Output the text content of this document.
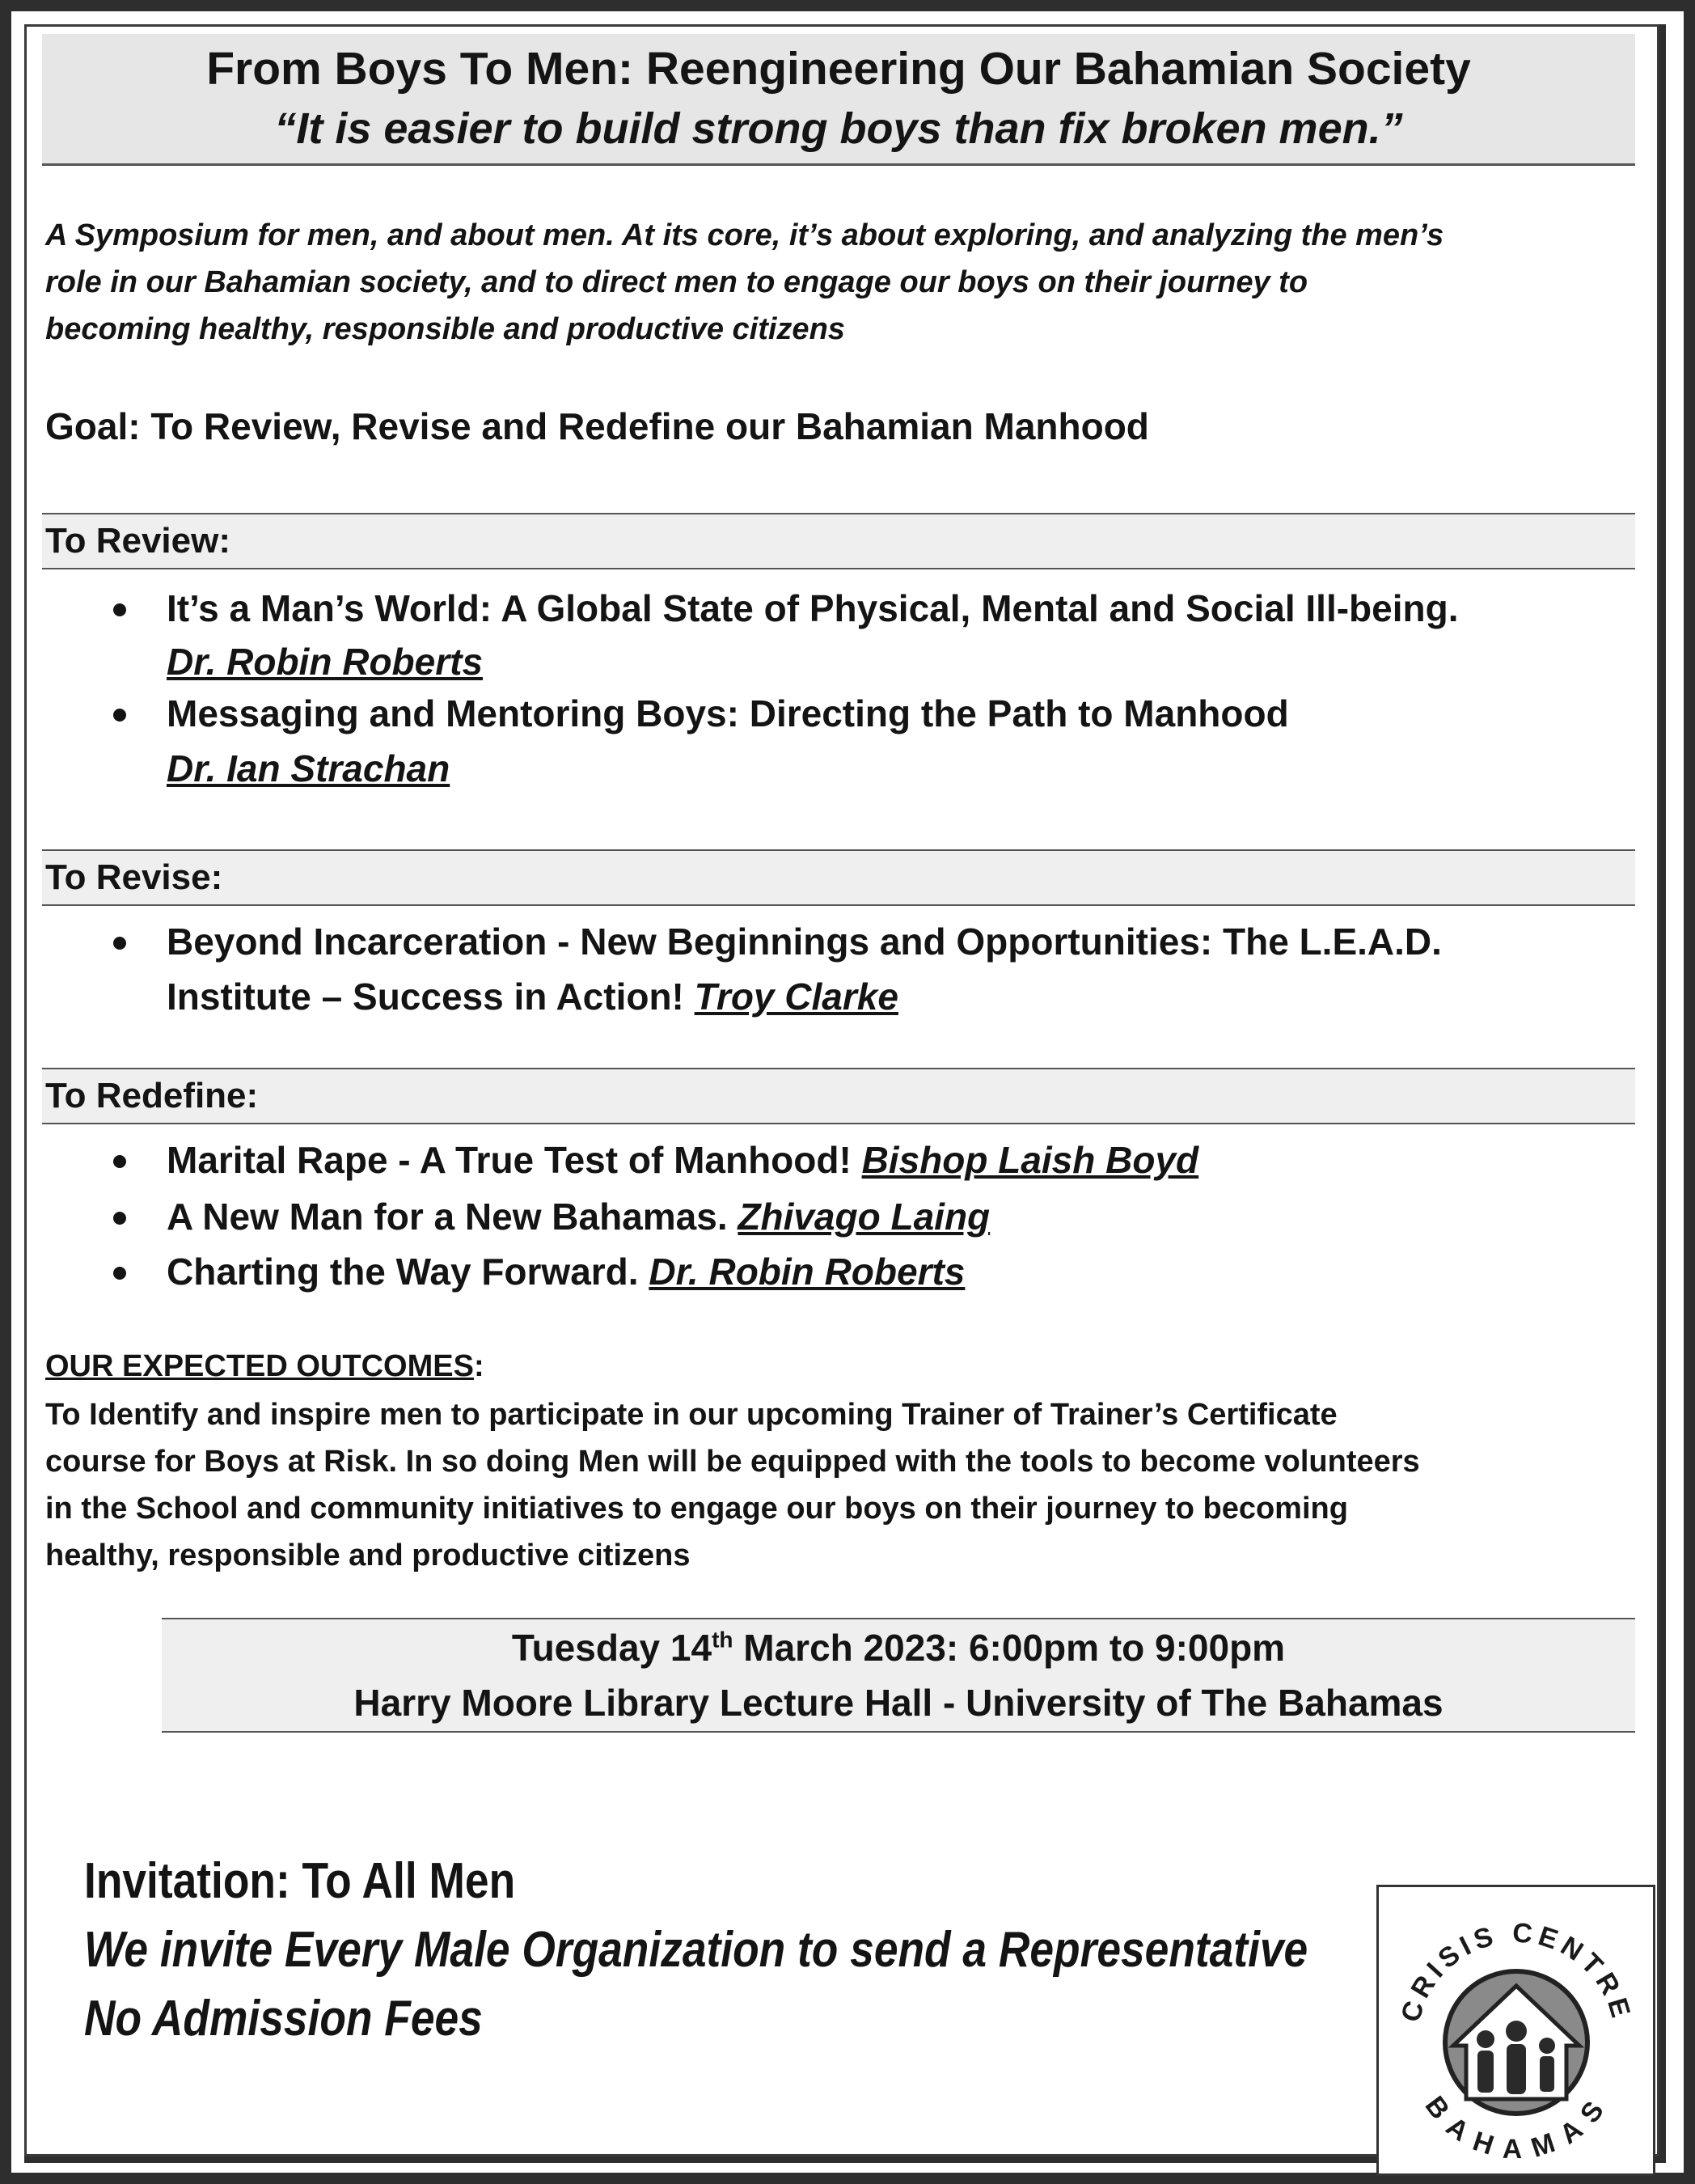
From Boys To Men: Reengineering Our Bahamian Society
“It is easier to build strong boys than fix broken men.”
A Symposium for men, and about men. At its core, it’s about exploring, and analyzing the men’s
role in our Bahamian society, and to direct men to engage our boys on their journey to
becoming healthy, responsible and productive citizens
Goal: To Review, Revise and Redefine our Bahamian Manhood
To Review:
It’s a Man’s World: A Global State of Physical, Mental and Social Ill-being.
Dr. Robin Roberts
Messaging and Mentoring Boys: Directing the Path to Manhood
Dr. Ian Strachan
To Revise:
Beyond Incarceration - New Beginnings and Opportunities: The L.E.A.D.
Institute – Success in Action! Troy Clarke
To Redefine:
Marital Rape - A True Test of Manhood! Bishop Laish Boyd
A New Man for a New Bahamas. Zhivago Laing
Charting the Way Forward. Dr. Robin Roberts
OUR EXPECTED OUTCOMES:
To Identify and inspire men to participate in our upcoming Trainer of Trainer’s Certificate
course for Boys at Risk. In so doing Men will be equipped with the tools to become volunteers
in the School and community initiatives to engage our boys on their journey to becoming
healthy, responsible and productive citizens
Tuesday 14th March 2023: 6:00pm to 9:00pm
Harry Moore Library Lecture Hall - University of The Bahamas
Invitation: To All Men
We invite Every Male Organization to send a Representative
No Admission Fees	CRISIS CENTRE
BAHAMAS
